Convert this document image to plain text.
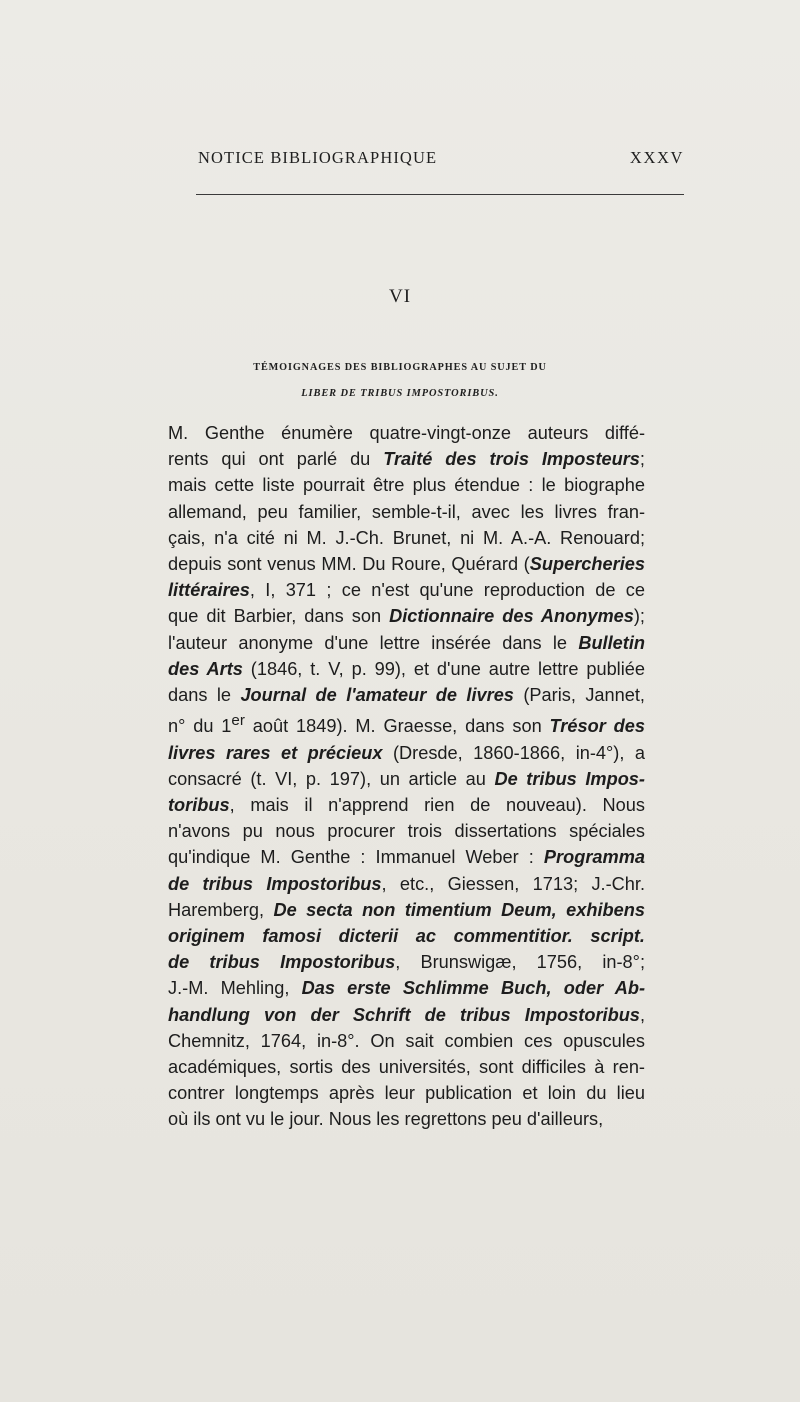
NOTICE BIBLIOGRAPHIQUE	XXXV
VI
TÉMOIGNAGES DES BIBLIOGRAPHES AU SUJET DU
LIBER DE TRIBUS IMPOSTORIBUS.
M. Genthe énumère quatre-vingt-onze auteurs diffé-
rents qui ont parlé du Traité des trois Imposteurs;
mais cette liste pourrait être plus étendue : le biographe
allemand, peu familier, semble-t-il, avec les livres fran-
çais, n'a cité ni M. J.-Ch. Brunet, ni M. A.-A. Renouard;
depuis sont venus MM. Du Roure, Quérard (Supercheries
littéraires, I, 371 ; ce n'est qu'une reproduction de ce
que dit Barbier, dans son Dictionnaire des Anonymes);
l'auteur anonyme d'une lettre insérée dans le Bulletin
des Arts (1846, t. V, p. 99), et d'une autre lettre publiée
dans le Journal de l'amateur de livres (Paris, Jannet,
n° du 1er août 1849). M. Graesse, dans son Trésor des
livres rares et précieux (Dresde, 1860-1866, in-4°), a
consacré (t. VI, p. 197), un article au De tribus Impos-
toribus, mais il n'apprend rien de nouveau). Nous
n'avons pu nous procurer trois dissertations spéciales
qu'indique M. Genthe : Immanuel Weber : Programma
de tribus Impostoribus, etc., Giessen, 1713; J.-Chr.
Haremberg, De secta non timentium Deum, exhibens
originem famosi dicterii ac commentitior. script.
de tribus Impostoribus, Brunswigæ, 1756, in-8°;
J.-M. Mehling, Das erste Schlimme Buch, oder Ab-
handlung von der Schrift de tribus Impostoribus,
Chemnitz, 1764, in-8°. On sait combien ces opuscules
académiques, sortis des universités, sont difficiles à ren-
contrer longtemps après leur publication et loin du lieu
où ils ont vu le jour. Nous les regrettons peu d'ailleurs,
